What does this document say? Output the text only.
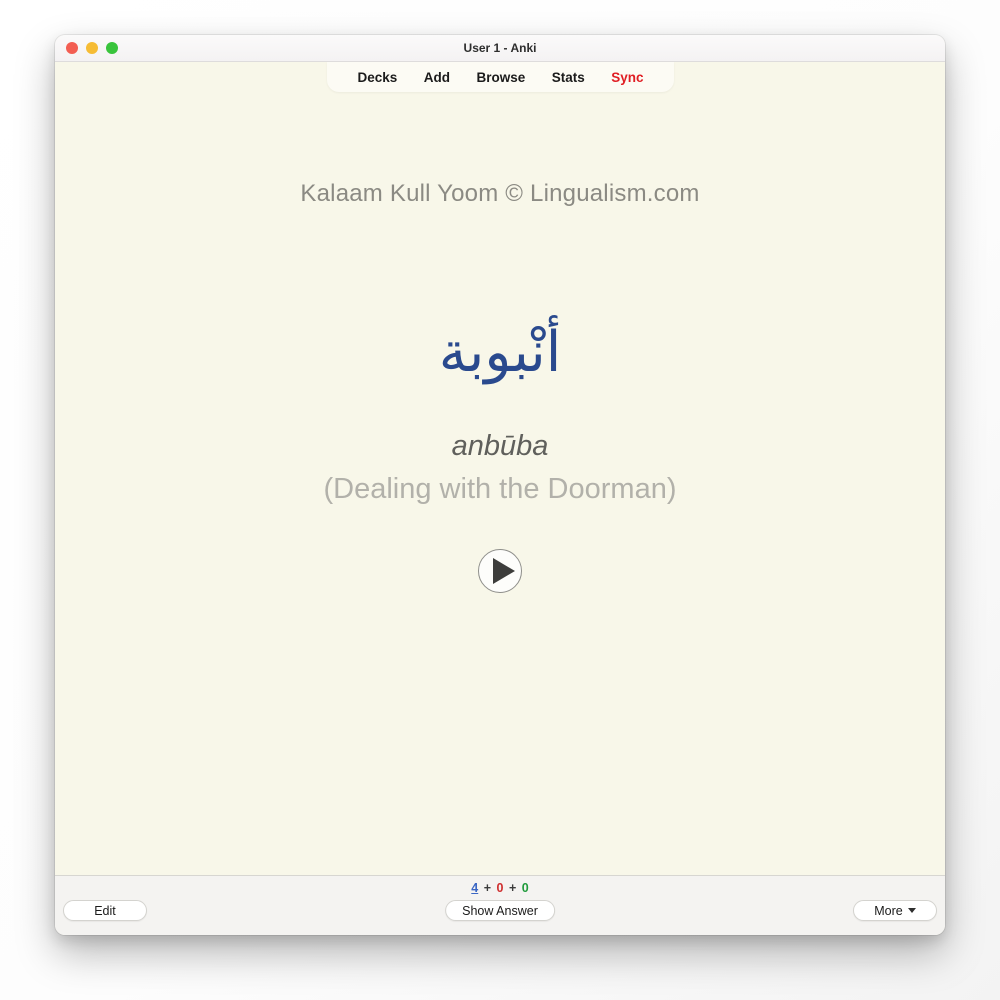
User 1 - Anki
Decks Add Browse Stats Sync
Kalaam Kull Yoom © Lingualism.com
أنْبوبة
anbūba
(Dealing with the Doorman)
4 + 0 + 0
Show Answer
Edit	More
